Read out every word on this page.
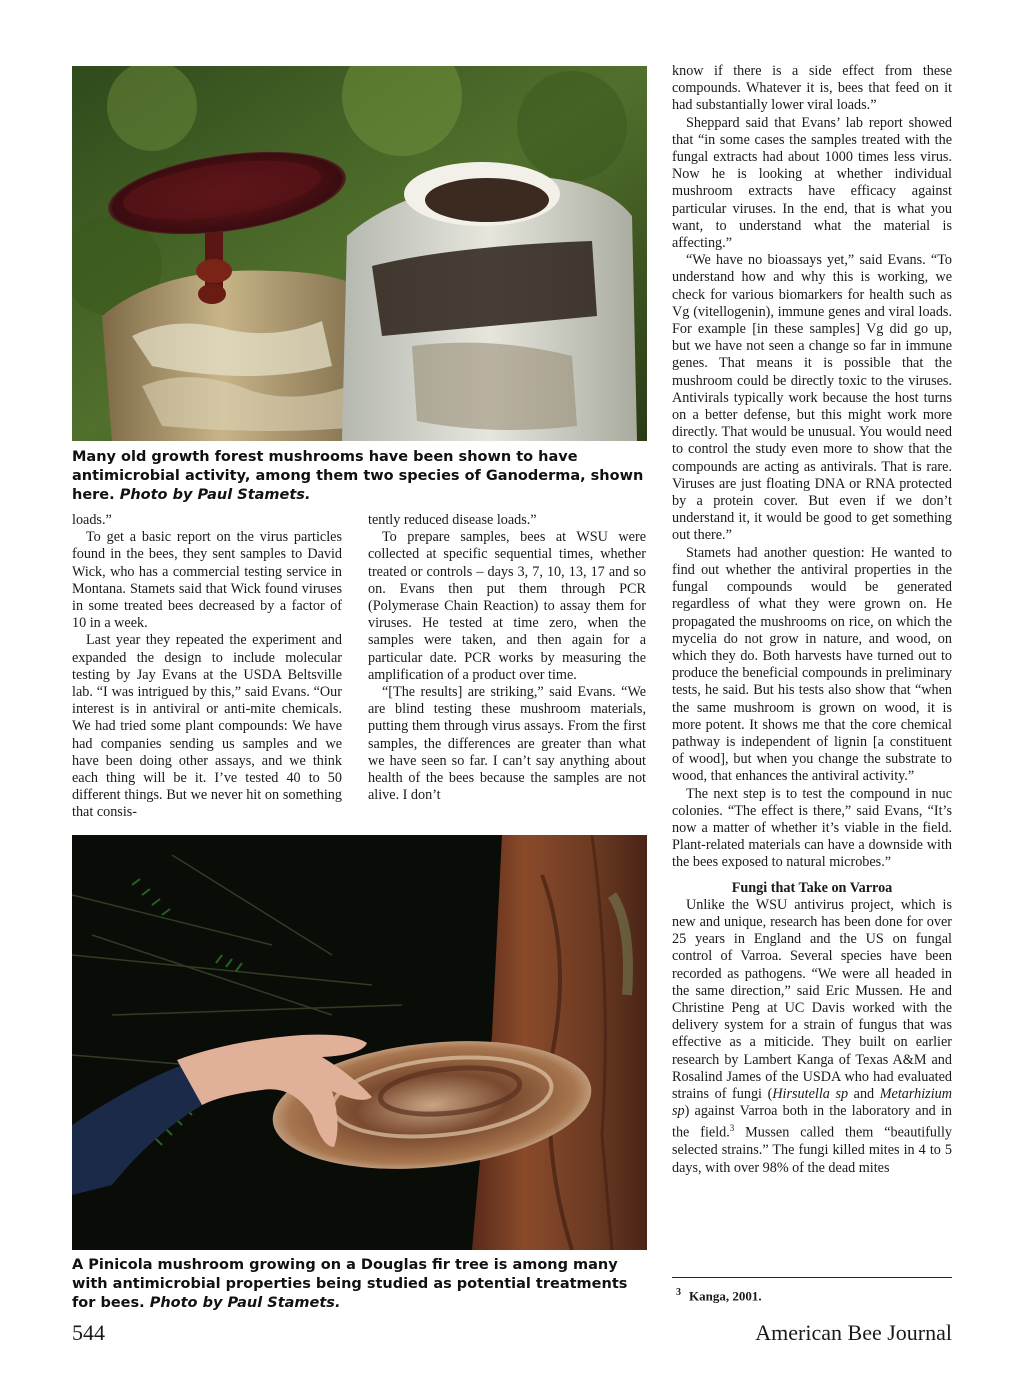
Many old growth forest mushrooms have been shown to have antimicrobial activity, among them two species of Ganoderma, shown here. Photo by Paul Stamets.

loads.”

To get a basic report on the virus particles found in the bees, they sent samples to David Wick, who has a commercial testing service in Montana. Stamets said that Wick found viruses in some treated bees decreased by a factor of 10 in a week.

Last year they repeated the experiment and expanded the design to include molecular testing by Jay Evans at the USDA Beltsville lab. “I was intrigued by this,” said Evans. “Our interest is in antiviral or anti-mite chemicals. We had tried some plant compounds: We have had companies sending us samples and we have been doing other assays, and we think each thing will be it. I’ve tested 40 to 50 different things. But we never hit on something that consis-

tently reduced disease loads.”

To prepare samples, bees at WSU were collected at specific sequential times, whether treated or controls – days 3, 7, 10, 13, 17 and so on. Evans then put them through PCR (Polymerase Chain Reaction) to assay them for viruses. He tested at time zero, when the samples were taken, and then again for a particular date. PCR works by measuring the amplification of a product over time.

“[The results] are striking,” said Evans. “We are blind testing these mushroom materials, putting them through virus assays. From the first samples, the differences are greater than what we have seen so far. I can’t say anything about health of the bees because the samples are not alive. I don’t

A Pinicola mushroom growing on a Douglas fir tree is among many with antimicrobial properties being studied as potential treatments for bees. Photo by Paul Stamets.

know if there is a side effect from these compounds. Whatever it is, bees that feed on it had substantially lower viral loads.”

Sheppard said that Evans’ lab report showed that “in some cases the samples treated with the fungal extracts had about 1000 times less virus. Now he is looking at whether individual mushroom extracts have efficacy against particular viruses. In the end, that is what you want, to understand what the material is affecting.”

“We have no bioassays yet,” said Evans. “To understand how and why this is working, we check for various biomarkers for health such as Vg (vitellogenin), immune genes and viral loads. For example [in these samples] Vg did go up, but we have not seen a change so far in immune genes. That means it is possible that the mushroom could be directly toxic to the viruses. Antivirals typically work because the host turns on a better defense, but this might work more directly. That would be unusual. You would need to control the study even more to show that the compounds are acting as antivirals. That is rare. Viruses are just floating DNA or RNA protected by a protein cover. But even if we don’t understand it, it would be good to get something out there.”

Stamets had another question: He wanted to find out whether the antiviral properties in the fungal compounds would be generated regardless of what they were grown on. He propagated the mushrooms on rice, on which the mycelia do not grow in nature, and wood, on which they do. Both harvests have turned out to produce the beneficial compounds in preliminary tests, he said. But his tests also show that “when the same mushroom is grown on wood, it is more potent. It shows me that the core chemical pathway is independent of lignin [a constituent of wood], but when you change the substrate to wood, that enhances the antiviral activity.”

The next step is to test the compound in nuc colonies. “The effect is there,” said Evans, “It’s now a matter of whether it’s viable in the field. Plant-related materials can have a downside with the bees exposed to natural microbes.”

Fungi that Take on Varroa

Unlike the WSU antivirus project, which is new and unique, research has been done for over 25 years in England and the US on fungal control of Varroa. Several species have been recorded as pathogens. “We were all headed in the same direction,” said Eric Mussen. He and Christine Peng at UC Davis worked with the delivery system for a strain of fungus that was effective as a miticide. They built on earlier research by Lambert Kanga of Texas A&M and Rosalind James of the USDA who had evaluated strains of fungi (Hirsutella sp and Metarhizium sp) against Varroa both in the laboratory and in the field.$^3$ Mussen called them “beautifully selected strains.” The fungi killed mites in 4 to 5 days, with over 98% of the dead mites

$^3$ Kanga, 2001.
544	American Bee Journal
